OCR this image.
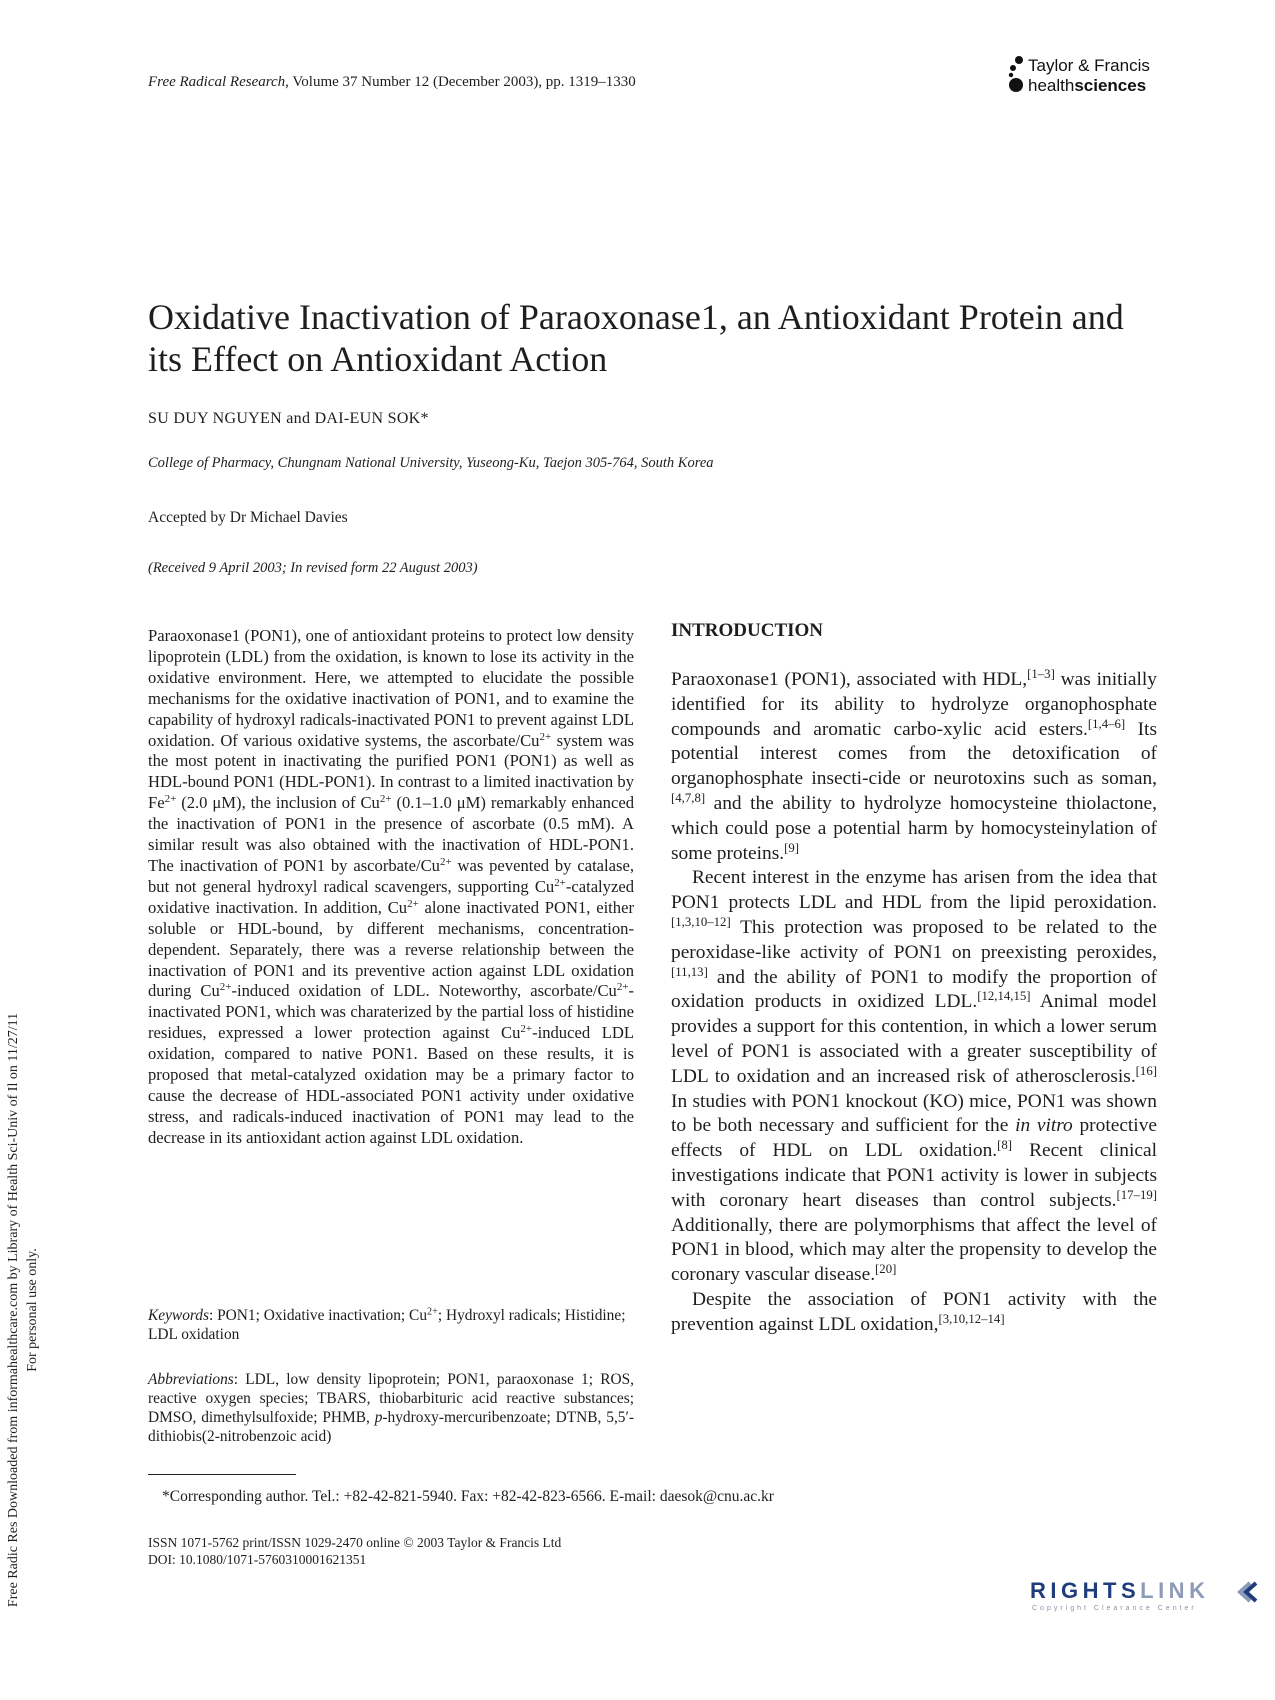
Free Radical Research, Volume 37 Number 12 (December 2003), pp. 1319–1330
Taylor & Francis
healthsciences
Free Radic Res Downloaded from informahealthcare.com by Library of Health Sci-Univ of Il on 11/27/11 For personal use only.
Oxidative Inactivation of Paraoxonase1, an Antioxidant Protein and its Effect on Antioxidant Action
SU DUY NGUYEN and DAI-EUN SOK*
College of Pharmacy, Chungnam National University, Yuseong-Ku, Taejon 305-764, South Korea
Accepted by Dr Michael Davies
(Received 9 April 2003; In revised form 22 August 2003)

Paraoxonase1 (PON1), one of antioxidant proteins to protect low density lipoprotein (LDL) from the oxidation, is known to lose its activity in the oxidative environment. Here, we attempted to elucidate the possible mechanisms for the oxidative inactivation of PON1, and to examine the capability of hydroxyl radicals-inactivated PON1 to prevent against LDL oxidation. Of various oxidative systems, the ascorbate/$Cu^{2+}$ system was the most potent in inactivating the purified PON1 (PON1) as well as HDL-bound PON1 (HDL-PON1). In contrast to a limited inactivation by $Fe^{2+}$ (2.0 μM), the inclusion of $Cu^{2+}$ (0.1–1.0 μM) remarkably enhanced the inactivation of PON1 in the presence of ascorbate (0.5 mM). A similar result was also obtained with the inactivation of HDL-PON1. The inactivation of PON1 by ascorbate/$Cu^{2+}$ was pevented by catalase, but not general hydroxyl radical scavengers, supporting $Cu^{2+}$-catalyzed oxidative inactivation. In addition, $Cu^{2+}$ alone inactivated PON1, either soluble or HDL-bound, by different mechanisms, concentration-dependent. Separately, there was a reverse relationship between the inactivation of PON1 and its preventive action against LDL oxidation during $Cu^{2+}$-induced oxidation of LDL. Noteworthy, ascorbate/$Cu^{2+}$-inactivated PON1, which was charaterized by the partial loss of histidine residues, expressed a lower protection against $Cu^{2+}$-induced LDL oxidation, compared to native PON1. Based on these results, it is proposed that metal-catalyzed oxidation may be a primary factor to cause the decrease of HDL-associated PON1 activity under oxidative stress, and radicals-induced inactivation of PON1 may lead to the decrease in its antioxidant action against LDL oxidation.

Keywords: PON1; Oxidative inactivation; $Cu^{2+}$; Hydroxyl radicals; Histidine; LDL oxidation
Abbreviations: LDL, low density lipoprotein; PON1, paraoxonase 1; ROS, reactive oxygen species; TBARS, thiobarbituric acid reactive substances; DMSO, dimethylsulfoxide; PHMB, p-hydroxy-mercuribenzoate; DTNB, 5,5′-dithiobis(2-nitrobenzoic acid)
INTRODUCTION

Paraoxonase1 (PON1), associated with HDL,[1–3] was initially identified for its ability to hydrolyze organophosphate compounds and aromatic carbo-xylic acid esters.[1,4–6] Its potential interest comes from the detoxification of organophosphate insecti-cide or neurotoxins such as soman,[4,7,8] and the ability to hydrolyze homocysteine thiolactone, which could pose a potential harm by homocysteinylation of some proteins.[9]

Recent interest in the enzyme has arisen from the idea that PON1 protects LDL and HDL from the lipid peroxidation.[1,3,10–12] This protection was proposed to be related to the peroxidase-like activity of PON1 on preexisting peroxides,[11,13] and the ability of PON1 to modify the proportion of oxidation products in oxidized LDL.[12,14,15] Animal model provides a support for this contention, in which a lower serum level of PON1 is associated with a greater susceptibility of LDL to oxidation and an increased risk of atherosclerosis.[16] In studies with PON1 knockout (KO) mice, PON1 was shown to be both necessary and sufficient for the in vitro protective effects of HDL on LDL oxidation.[8] Recent clinical investigations indicate that PON1 activity is lower in subjects with coronary heart diseases than control subjects.[17–19] Additionally, there are polymorphisms that affect the level of PON1 in blood, which may alter the propensity to develop the coronary vascular disease.[20]

Despite the association of PON1 activity with the prevention against LDL oxidation,[3,10,12–14]

*Corresponding author. Tel.: +82-42-821-5940. Fax: +82-42-823-6566. E-mail: daesok@cnu.ac.kr
ISSN 1071-5762 print/ISSN 1029-2470 online © 2003 Taylor & Francis Ltd
DOI: 10.1080/1071-5760310001621351
RIGHTSLINK
Copyright Clearance Center
